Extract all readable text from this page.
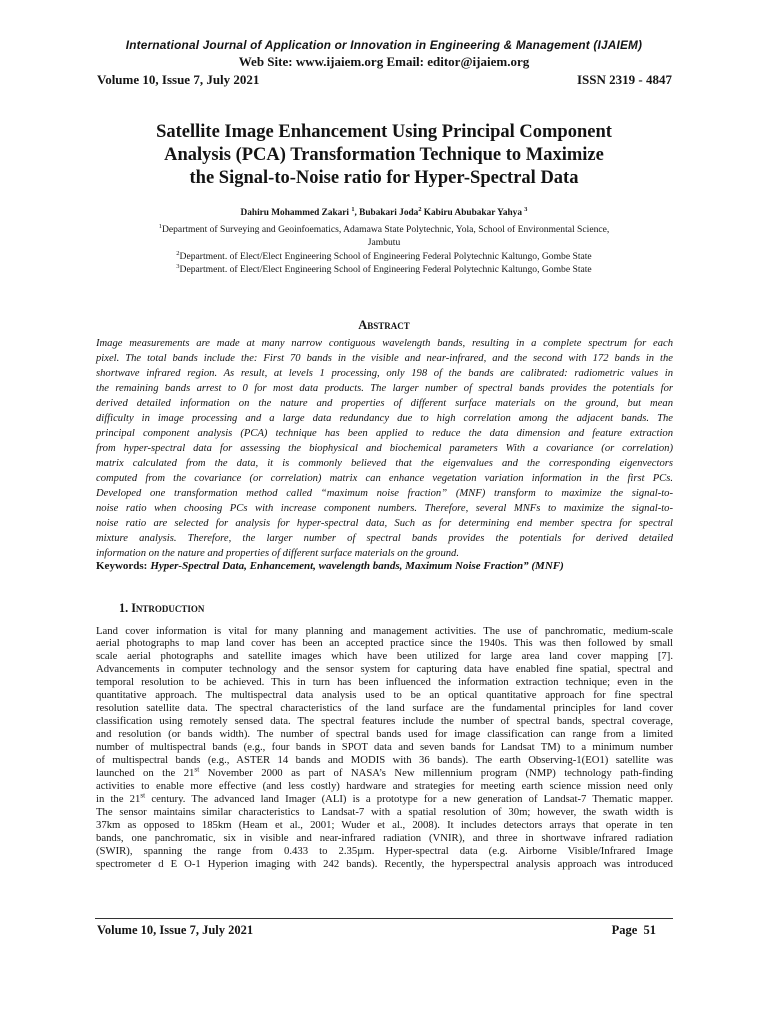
International Journal of Application or Innovation in Engineering & Management (IJAIEM)
Web Site: www.ijaiem.org Email: editor@ijaiem.org
Volume 10, Issue 7, July 2021	ISSN 2319 - 4847
Satellite Image Enhancement Using Principal Component
Analysis (PCA) Transformation Technique to Maximize
the Signal-to-Noise ratio for Hyper-Spectral Data
Dahiru Mohammed Zakari $^1$, Bubakari Joda$^2$ Kabiru Abubakar Yahya $^3$
$^1$Department of Surveying and Geoinfoematics, Adamawa State Polytechnic, Yola, School of Environmental Science,
Jambutu
$^2$Department. of Elect/Elect Engineering School of Engineering Federal Polytechnic Kaltungo, Gombe State
$^3$Department. of Elect/Elect Engineering School of Engineering Federal Polytechnic Kaltungo, Gombe State
Abstract
Image measurements are made at many narrow contiguous wavelength bands, resulting in a complete spectrum for each
pixel. The total bands include the: First 70 bands in the visible and near-infrared, and the second with 172 bands in the
shortwave infrared region. As result, at levels 1 processing, only 198 of the bands are calibrated: radiometric values in
the remaining bands arrest to 0 for most data products. The larger number of spectral bands provides the potentials for
derived detailed information on the nature and properties of different surface materials on the ground, but mean
difficulty in image processing and a large data redundancy due to high correlation among the adjacent bands. The
principal component analysis (PCA) technique has been applied to reduce the data dimension and feature extraction
from hyper-spectral data for assessing the biophysical and biochemical parameters With a covariance (or correlation)
matrix calculated from the data, it is commonly believed that the eigenvalues and the corresponding eigenvectors
computed from the covariance (or correlation) matrix can enhance vegetation variation information in the first PCs.
Developed one transformation method called “maximum noise fraction” (MNF) transform to maximize the signal-to-
noise ratio when choosing PCs with increase component numbers. Therefore, several MNFs to maximize the signal-to-
noise ratio are selected for analysis for hyper-spectral data, Such as for determining end member spectra for spectral
mixture analysis. Therefore, the larger number of spectral bands provides the potentials for derived detailed
information on the nature and properties of different surface materials on the ground.
Keywords: Hyper-Spectral Data, Enhancement, wavelength bands, Maximum Noise Fraction” (MNF)
1. Introduction
Land cover information is vital for many planning and management activities. The use of panchromatic, medium-scale
aerial photographs to map land cover has been an accepted practice since the 1940s. This was then followed by small
scale aerial photographs and satellite images which have been utilized for large area land cover mapping [7].
Advancements in computer technology and the sensor system for capturing data have enabled fine spatial, spectral and
temporal resolution to be achieved. This in turn has been influenced the information extraction technique; even in the
quantitative approach. The multispectral data analysis used to be an optical quantitative approach for fine spectral
resolution satellite data. The spectral characteristics of the land surface are the fundamental principles for land cover
classification using remotely sensed data. The spectral features include the number of spectral bands, spectral coverage,
and resolution (or bands width). The number of spectral bands used for image classification can range from a limited
number of multispectral bands (e.g., four bands in SPOT data and seven bands for Landsat TM) to a minimum number
of multispectral bands (e.g., ASTER 14 bands and MODIS with 36 bands). The earth Observing-1(EO1) satellite was
launched on the 21st November 2000 as part of NASA’s New millennium program (NMP) technology path-finding
activities to enable more effective (and less costly) hardware and strategies for meeting earth science mission need only
in the 21st century. The advanced land Imager (ALI) is a prototype for a new generation of Landsat-7 Thematic mapper.
The sensor maintains similar characteristics to Landsat-7 with a spatial resolution of 30m; however, the swath width is
37km as opposed to 185km (Heam et al., 2001; Wuder et al., 2008). It includes detectors arrays that operate in ten
bands, one panchromatic, six in visible and near-infrared radiation (VNIR), and three in shortwave infrared radiation
(SWIR), spanning the range from 0.433 to 2.35µm. Hyper-spectral data (e.g. Airborne Visible/Infrared Image
spectrometer d E O-1 Hyperion imaging with 242 bands). Recently, the hyperspectral analysis approach was introduced
Volume 10, Issue 7, July 2021	Page  51
